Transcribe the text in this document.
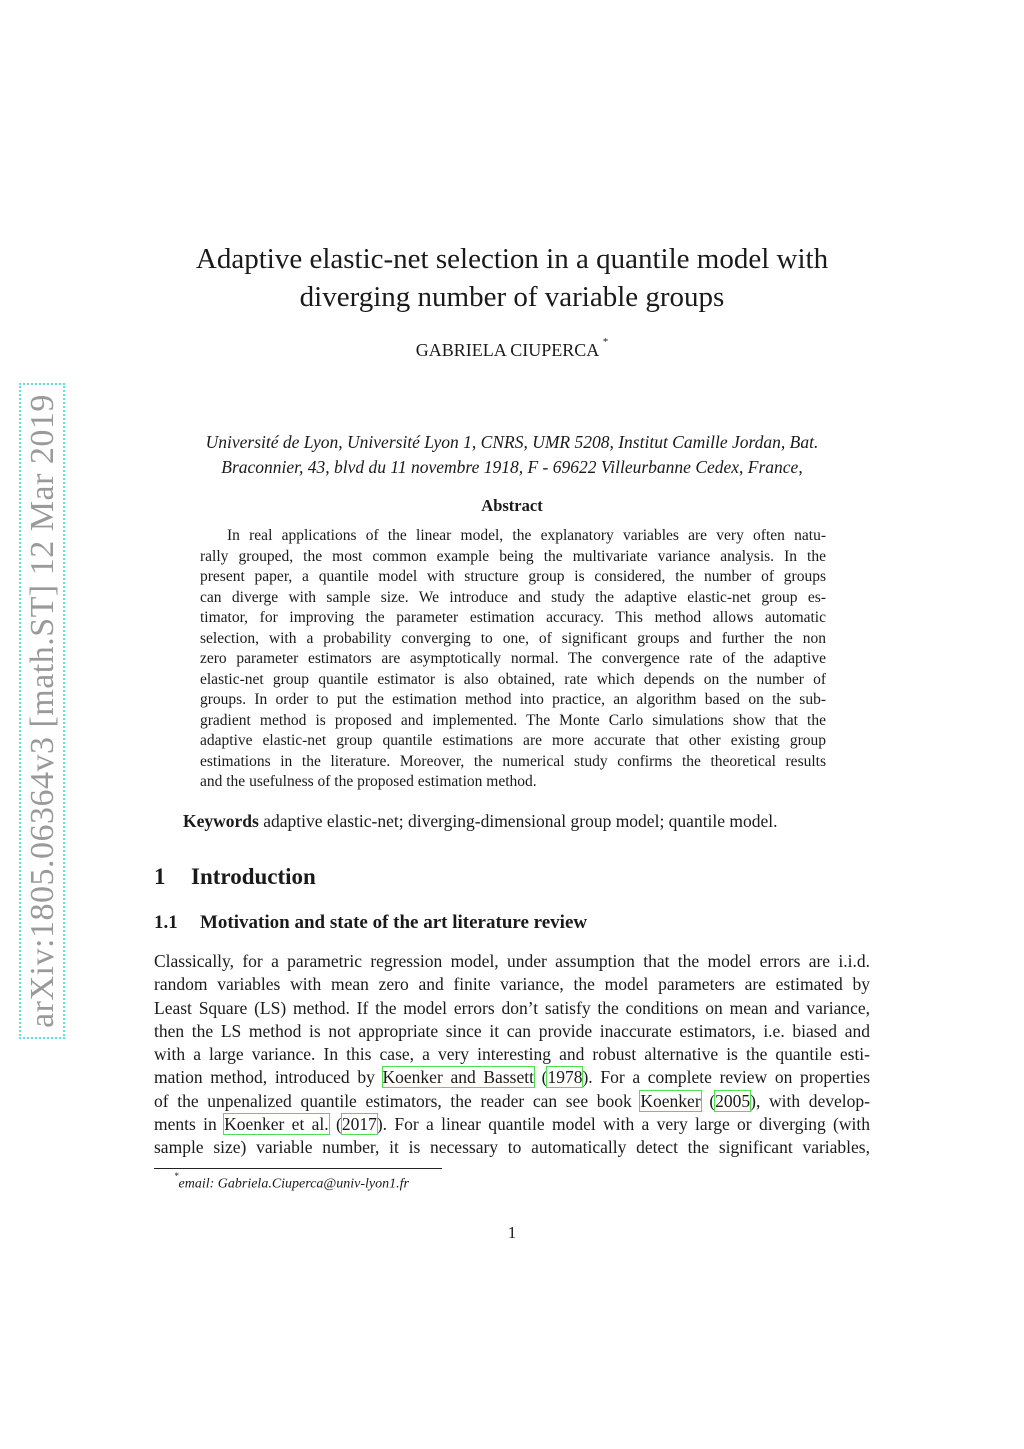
arXiv:1805.06364v3 [math.ST] 12 Mar 2019
Adaptive elastic-net selection in a quantile model with
diverging number of variable groups
GABRIELA CIUPERCA *
Université de Lyon, Université Lyon 1, CNRS, UMR 5208, Institut Camille Jordan, Bat.
Braconnier, 43, blvd du 11 novembre 1918, F - 69622 Villeurbanne Cedex, France,
Abstract
In real applications of the linear model, the explanatory variables are very often natu-
rally grouped, the most common example being the multivariate variance analysis. In the
present paper, a quantile model with structure group is considered, the number of groups
can diverge with sample size. We introduce and study the adaptive elastic-net group es-
timator, for improving the parameter estimation accuracy. This method allows automatic
selection, with a probability converging to one, of significant groups and further the non
zero parameter estimators are asymptotically normal. The convergence rate of the adaptive
elastic-net group quantile estimator is also obtained, rate which depends on the number of
groups. In order to put the estimation method into practice, an algorithm based on the sub-
gradient method is proposed and implemented. The Monte Carlo simulations show that the
adaptive elastic-net group quantile estimations are more accurate that other existing group
estimations in the literature. Moreover, the numerical study confirms the theoretical results
and the usefulness of the proposed estimation method.
Keywords adaptive elastic-net; diverging-dimensional group model; quantile model.
1 Introduction
1.1 Motivation and state of the art literature review
Classically, for a parametric regression model, under assumption that the model errors are i.i.d.
random variables with mean zero and finite variance, the model parameters are estimated by
Least Square (LS) method. If the model errors don’t satisfy the conditions on mean and variance,
then the LS method is not appropriate since it can provide inaccurate estimators, i.e. biased and
with a large variance. In this case, a very interesting and robust alternative is the quantile esti-
mation method, introduced by Koenker and Bassett (1978). For a complete review on properties
of the unpenalized quantile estimators, the reader can see book Koenker (2005), with develop-
ments in Koenker et al. (2017). For a linear quantile model with a very large or diverging (with
sample size) variable number, it is necessary to automatically detect the significant variables,
*email: Gabriela.Ciuperca@univ-lyon1.fr
1
